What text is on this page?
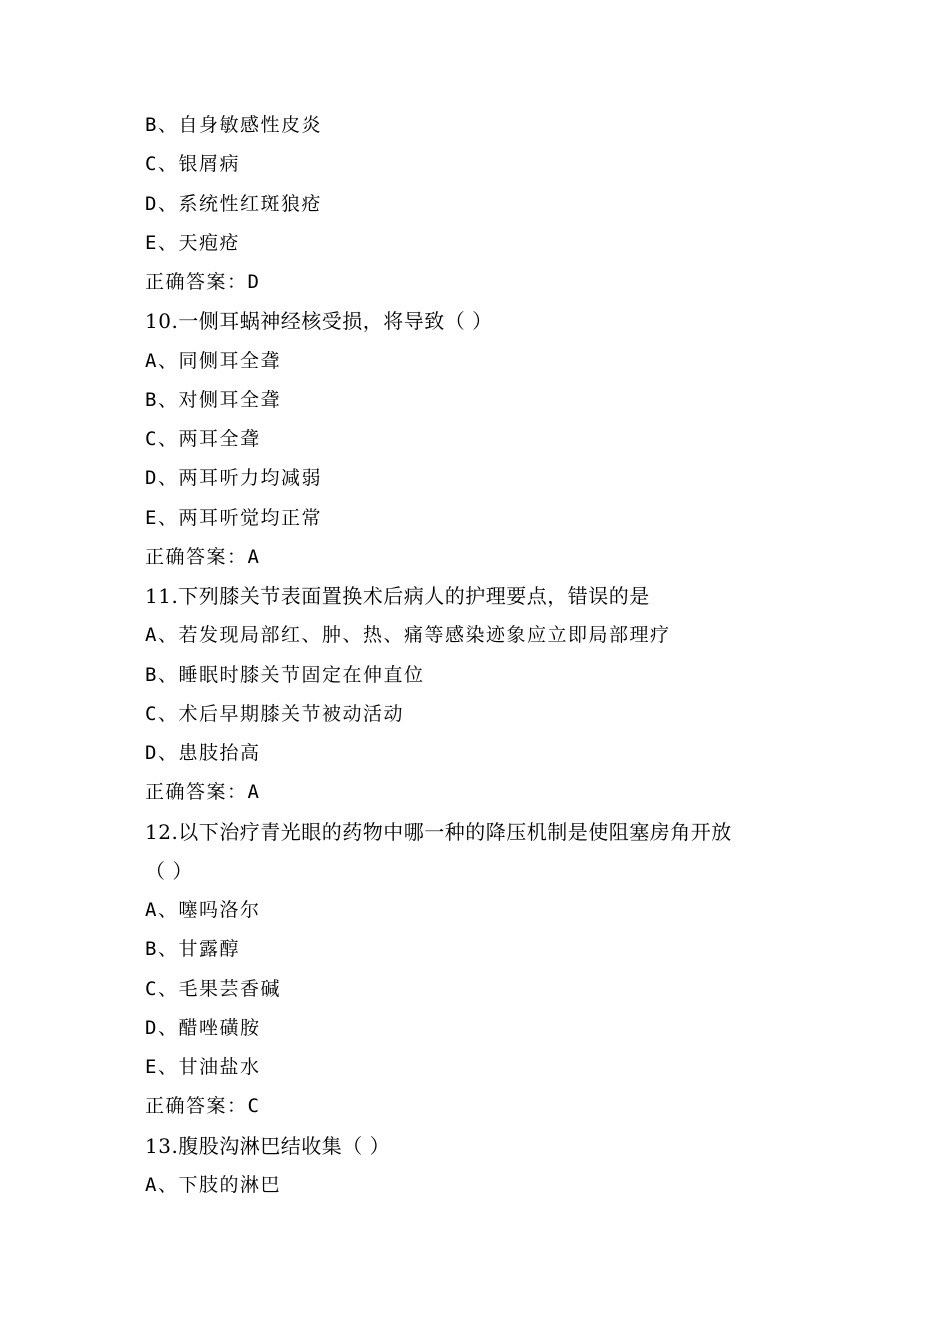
B、自身敏感性皮炎
C、银屑病
D、系统性红斑狼疮
E、天疱疮
正确答案：D
10.一侧耳蜗神经核受损，将导致（ ）
A、同侧耳全聋
B、对侧耳全聋
C、两耳全聋
D、两耳听力均减弱
E、两耳听觉均正常
正确答案：A
11.下列膝关节表面置换术后病人的护理要点，错误的是
A、若发现局部红、肿、热、痛等感染迹象应立即局部理疗
B、睡眠时膝关节固定在伸直位
C、术后早期膝关节被动活动
D、患肢抬高
正确答案：A
12.以下治疗青光眼的药物中哪一种的降压机制是使阻塞房角开放
（ ）
A、噻吗洛尔
B、甘露醇
C、毛果芸香碱
D、醋唑磺胺
E、甘油盐水
正确答案：C
13.腹股沟淋巴结收集（ ）
A、下肢的淋巴
